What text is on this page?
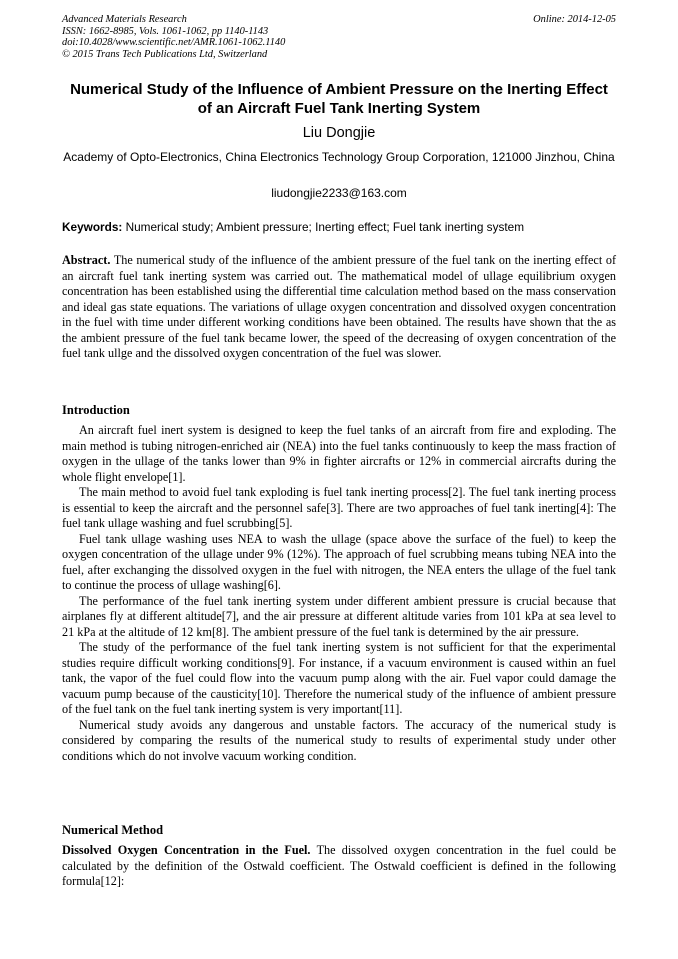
Advanced Materials Research
ISSN: 1662-8985, Vols. 1061-1062, pp 1140-1143
doi:10.4028/www.scientific.net/AMR.1061-1062.1140
© 2015 Trans Tech Publications Ltd, Switzerland
Online: 2014-12-05
Numerical Study of the Influence of Ambient Pressure on the Inerting Effect of an Aircraft Fuel Tank Inerting System
Liu Dongjie
Academy of Opto-Electronics, China Electronics Technology Group Corporation, 121000 Jinzhou, China
liudongjie2233@163.com
Keywords: Numerical study; Ambient pressure; Inerting effect; Fuel tank inerting system

Abstract. The numerical study of the influence of the ambient pressure of the fuel tank on the inerting effect of an aircraft fuel tank inerting system was carried out. The mathematical model of ullage equilibrium oxygen concentration has been established using the differential time calculation method based on the mass conservation and ideal gas state equations. The variations of ullage oxygen concentration and dissolved oxygen concentration in the fuel with time under different working conditions have been obtained. The results have shown that the as the ambient pressure of the fuel tank became lower, the speed of the decreasing of oxygen concentration of the fuel tank ullge and the dissolved oxygen concentration of the fuel was slower.

Introduction

An aircraft fuel inert system is designed to keep the fuel tanks of an aircraft from fire and exploding. The main method is tubing nitrogen-enriched air (NEA) into the fuel tanks continuously to keep the mass fraction of oxygen in the ullage of the tanks lower than 9% in fighter aircrafts or 12% in commercial aircrafts during the whole flight envelope[1].

The main method to avoid fuel tank exploding is fuel tank inerting process[2]. The fuel tank inerting process is essential to keep the aircraft and the personnel safe[3]. There are two approaches of fuel tank inerting[4]: The fuel tank ullage washing and fuel scrubbing[5].

Fuel tank ullage washing uses NEA to wash the ullage (space above the surface of the fuel) to keep the oxygen concentration of the ullage under 9% (12%). The approach of fuel scrubbing means tubing NEA into the fuel, after exchanging the dissolved oxygen in the fuel with nitrogen, the NEA enters the ullage of the fuel tank to continue the process of ullage washing[6].

The performance of the fuel tank inerting system under different ambient pressure is crucial because that airplanes fly at different altitude[7], and the air pressure at different altitude varies from 101 kPa at sea level to 21 kPa at the altitude of 12 km[8]. The ambient pressure of the fuel tank is determined by the air pressure.

The study of the performance of the fuel tank inerting system is not sufficient for that the experimental studies require difficult working conditions[9]. For instance, if a vacuum environment is caused within an fuel tank, the vapor of the fuel could flow into the vacuum pump along with the air. Fuel vapor could damage the vacuum pump because of the causticity[10]. Therefore the numerical study of the influence of ambient pressure of the fuel tank on the fuel tank inerting system is very important[11].

Numerical study avoids any dangerous and unstable factors. The accuracy of the numerical study is considered by comparing the results of the numerical study to results of experimental study under other conditions which do not involve vacuum working condition.

Numerical Method

Dissolved Oxygen Concentration in the Fuel. The dissolved oxygen concentration in the fuel could be calculated by the definition of the Ostwald coefficient. The Ostwald coefficient is defined in the following formula[12]:
